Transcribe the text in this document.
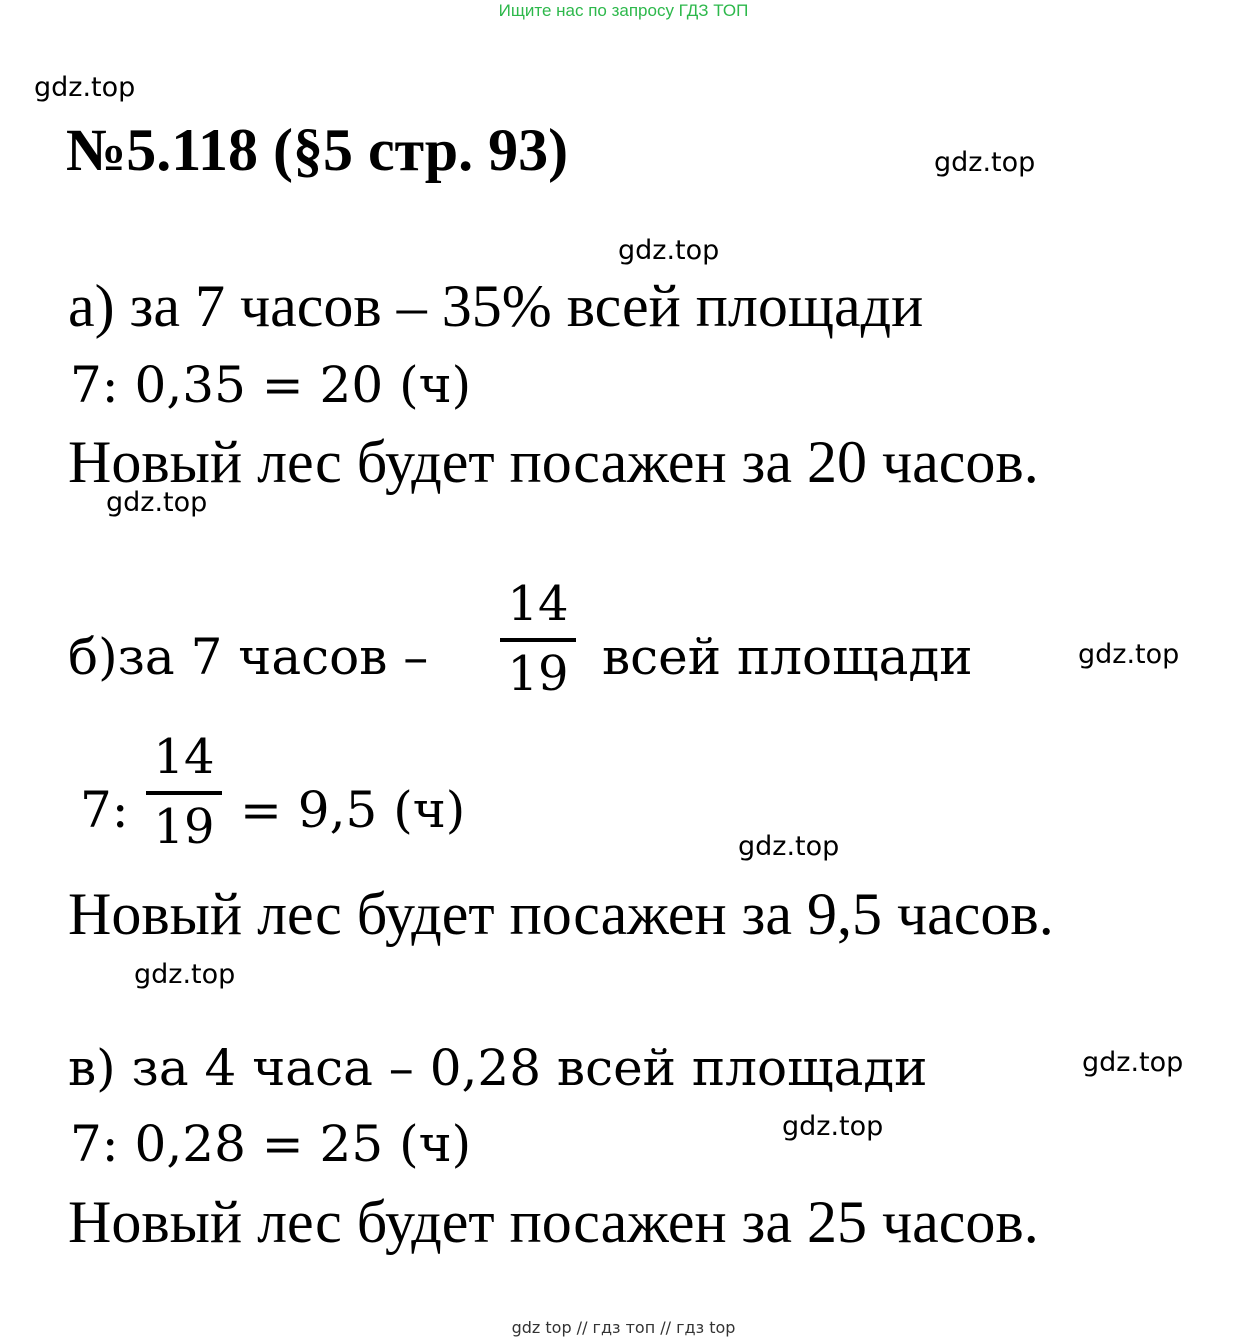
Ищите нас по запросу ГДЗ ТОП
gdz.top
gdz.top
gdz.top
gdz.top
gdz.top
gdz.top
gdz.top
gdz.top
gdz.top
№5.118 (§5 стр. 93)
а) за 7 часов – 35% всей площади
7: 0,35 = 20 (ч)
Новый лес будет посажен за 20 часов.
б)за 7 часов –
14
19 всей площади
7:
14
19 = 9,5 (ч)
Новый лес будет посажен за 9,5 часов.
в) за 4 часа – 0,28 всей площади
7: 0,28 = 25 (ч)
Новый лес будет посажен за 25 часов.
gdz top // гдз топ // гдз top
